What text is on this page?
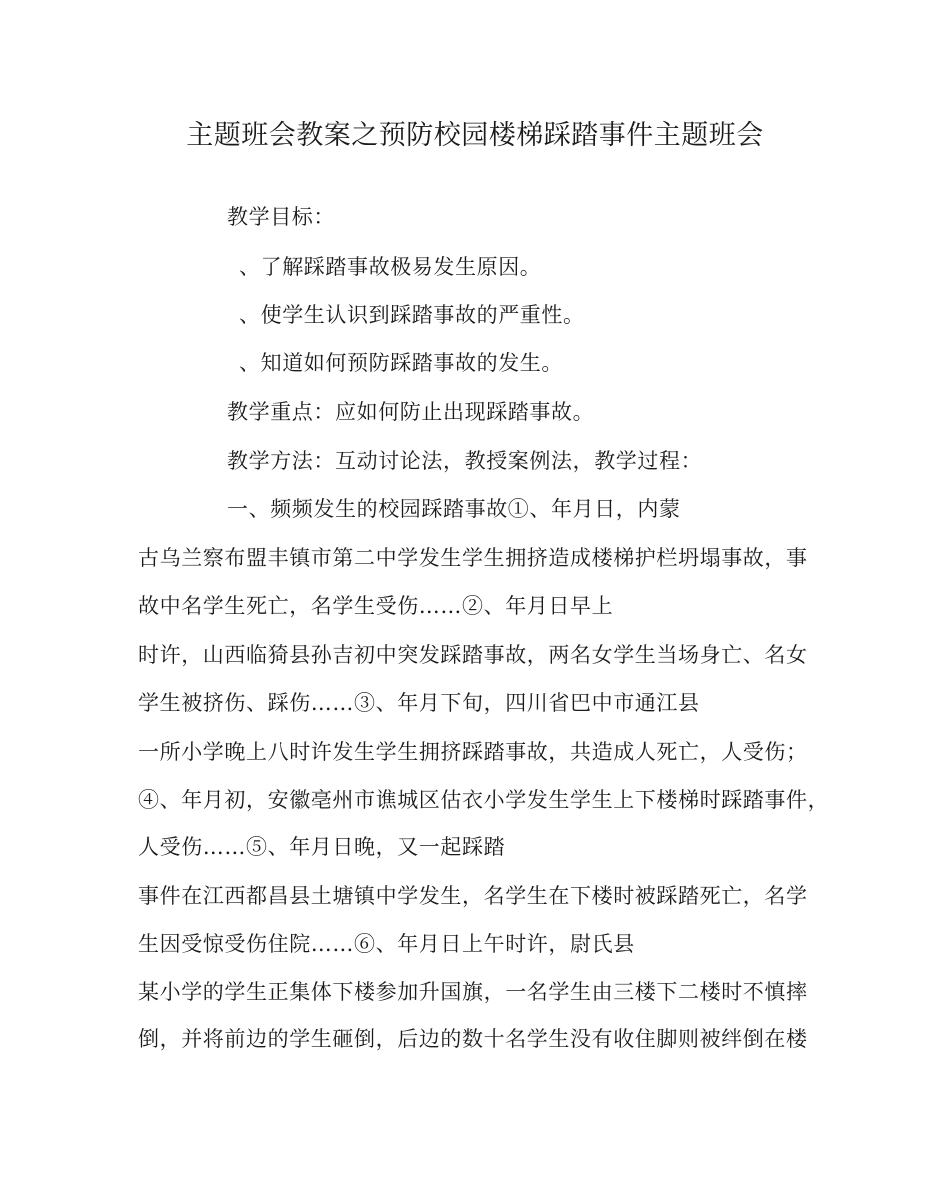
主题班会教案之预防校园楼梯踩踏事件主题班会
教学目标：
、了解踩踏事故极易发生原因。
、使学生认识到踩踏事故的严重性。
、知道如何预防踩踏事故的发生。
教学重点：应如何防止出现踩踏事故。
教学方法：互动讨论法，教授案例法，教学过程：
一、频频发生的校园踩踏事故①、年月日，内蒙
古乌兰察布盟丰镇市第二中学发生学生拥挤造成楼梯护栏坍塌事故，事
故中名学生死亡，名学生受伤……②、年月日早上
时许，山西临猗县孙吉初中突发踩踏事故，两名女学生当场身亡、名女
学生被挤伤、踩伤……③、年月下旬，四川省巴中市通江县
一所小学晚上八时许发生学生拥挤踩踏事故，共造成人死亡，人受伤；
④、年月初，安徽亳州市谯城区估衣小学发生学生上下楼梯时踩踏事件，
人受伤……⑤、年月日晚，又一起踩踏
事件在江西都昌县土塘镇中学发生，名学生在下楼时被踩踏死亡，名学
生因受惊受伤住院……⑥、年月日上午时许，尉氏县
某小学的学生正集体下楼参加升国旗，一名学生由三楼下二楼时不慎摔
倒，并将前边的学生砸倒，后边的数十名学生没有收住脚则被绊倒在楼
